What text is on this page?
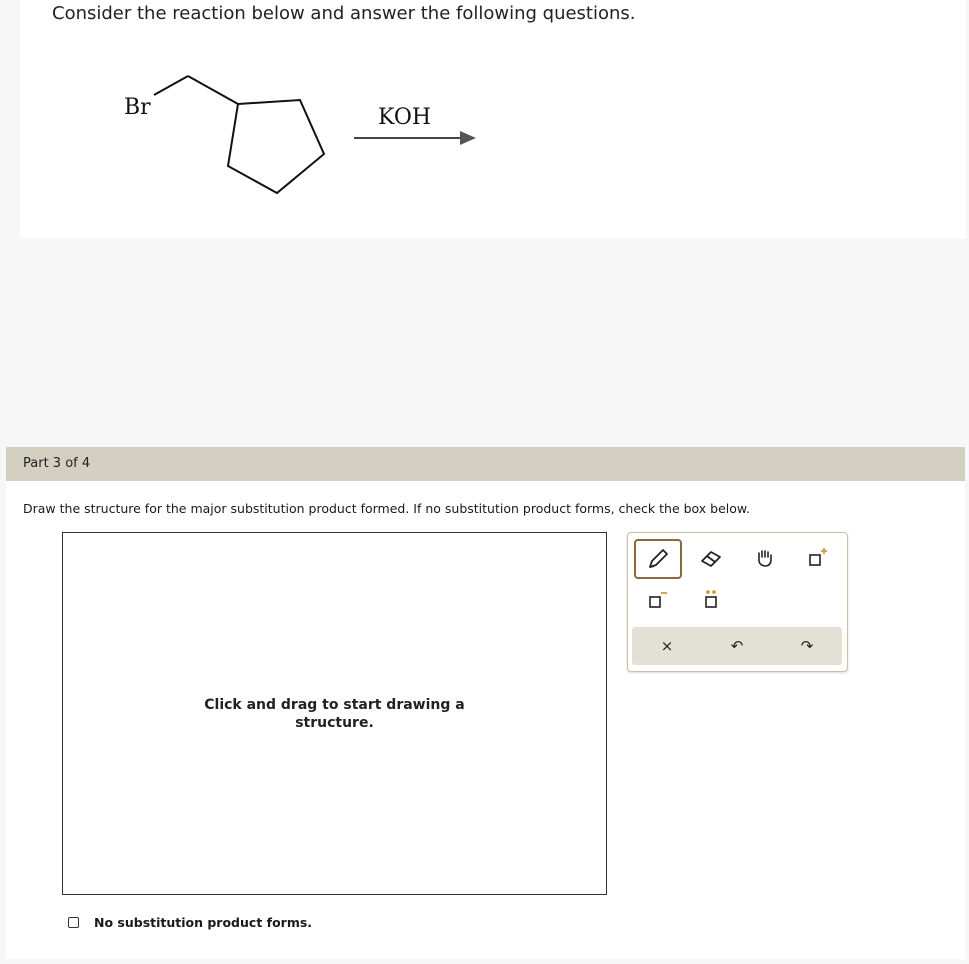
Consider the reaction below and answer the following questions.
Br	KOH
Part 3 of 4
Draw the structure for the major substitution product formed. If no substitution product forms, check the box below.
Click and drag to start drawing a
structure.
×	↶	↷
No substitution product forms.
